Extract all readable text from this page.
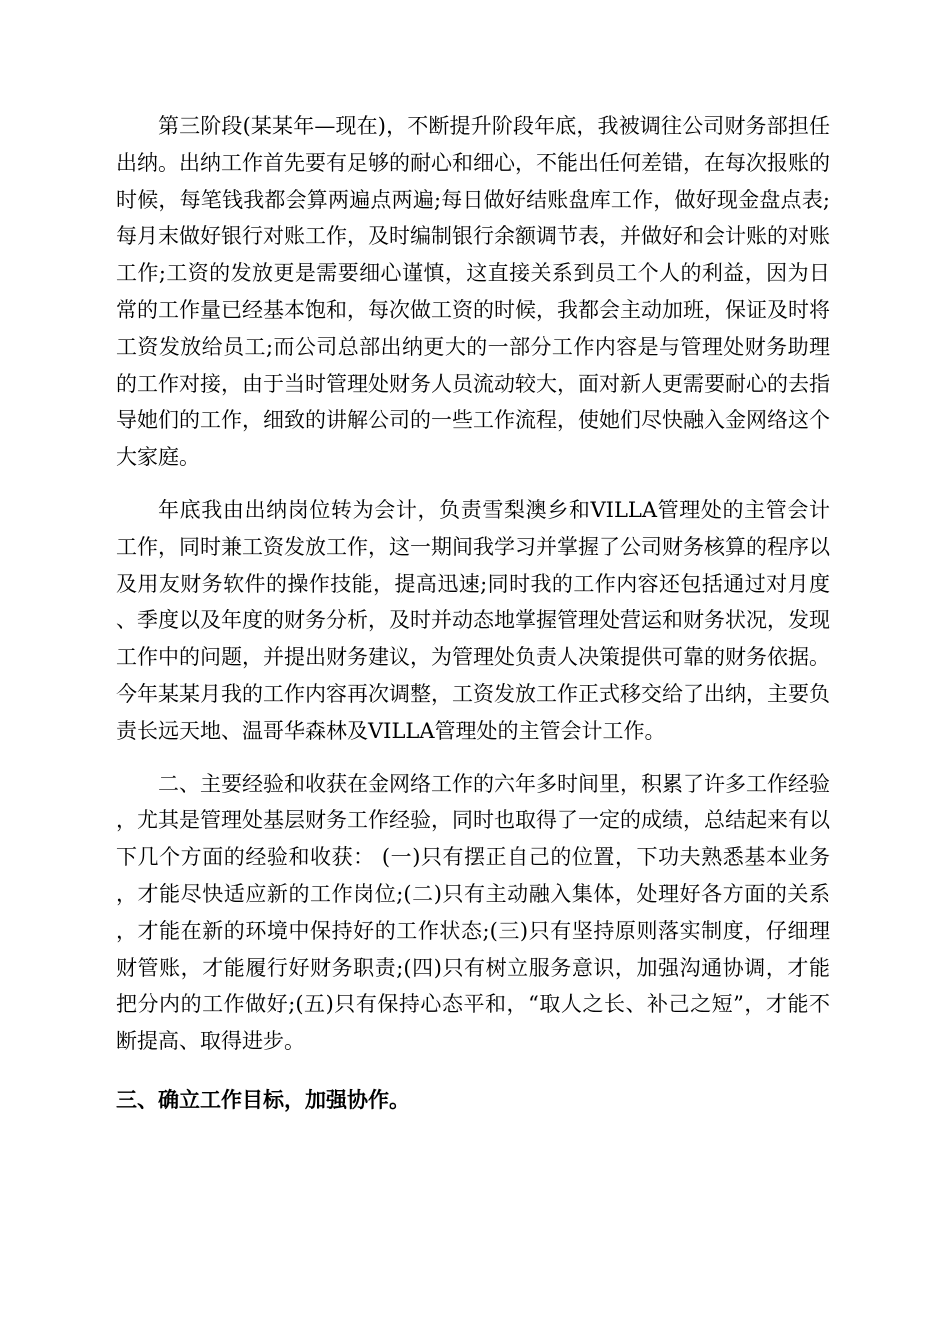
第三阶段(某某年—现在)，不断提升阶段年底，我被调往公司财务部担任出纳。出纳工作首先要有足够的耐心和细心，不能出任何差错，在每次报账的时候，每笔钱我都会算两遍点两遍;每日做好结账盘库工作，做好现金盘点表;每月末做好银行对账工作，及时编制银行余额调节表，并做好和会计账的对账工作;工资的发放更是需要细心谨慎，这直接关系到员工个人的利益，因为日常的工作量已经基本饱和，每次做工资的时候，我都会主动加班，保证及时将工资发放给员工;而公司总部出纳更大的一部分工作内容是与管理处财务助理的工作对接，由于当时管理处财务人员流动较大，面对新人更需要耐心的去指导她们的工作，细致的讲解公司的一些工作流程，使她们尽快融入金网络这个大家庭。

年底我由出纳岗位转为会计，负责雪梨澳乡和VILLA管理处的主管会计工作，同时兼工资发放工作，这一期间我学习并掌握了公司财务核算的程序以及用友财务软件的操作技能，提高迅速;同时我的工作内容还包括通过对月度、季度以及年度的财务分析，及时并动态地掌握管理处营运和财务状况，发现工作中的问题，并提出财务建议，为管理处负责人决策提供可靠的财务依据。今年某某月我的工作内容再次调整，工资发放工作正式移交给了出纳，主要负责长远天地、温哥华森林及VILLA管理处的主管会计工作。

二、主要经验和收获在金网络工作的六年多时间里，积累了许多工作经验，尤其是管理处基层财务工作经验，同时也取得了一定的成绩，总结起来有以下几个方面的经验和收获： (一)只有摆正自己的位置，下功夫熟悉基本业务，才能尽快适应新的工作岗位;(二)只有主动融入集体，处理好各方面的关系，才能在新的环境中保持好的工作状态;(三)只有坚持原则落实制度，仔细理财管账，才能履行好财务职责;(四)只有树立服务意识，加强沟通协调，才能把分内的工作做好;(五)只有保持心态平和，“取人之长、补己之短”，才能不断提高、取得进步。

三、确立工作目标，加强协作。
